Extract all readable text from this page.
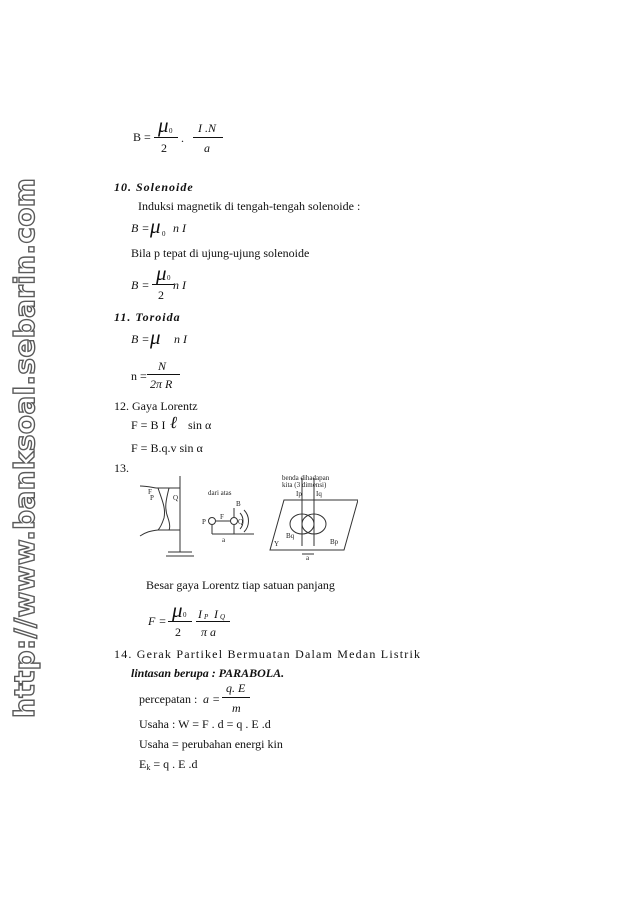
http://www.banksoal.sebarin.com
B = μ 0
2
.
I .N
a
10. Solenoide
Induksi magnetik di tengah-tengah solenoide :
B = μ 0 n I
Bila p tepat di ujung-ujung solenoide
B = μ 0
2
n I
11. Toroida
B = μ n I
n =
N
2π R
12. Gaya Lorentz
F = B I ℓ sin α
F = B.q.v sin α
13.
F
P	Q
dari atas
B
P
F
Q
a
benda dihadapan
kita (3 dimensi)
Ip Iq
Y
Bq
Bp
a
Besar gaya Lorentz tiap satuan panjang
F = μ 0
2
I P I Q
π a
14. Gerak Partikel Bermuatan Dalam Medan Listrik
lintasan berupa : PARABOLA.
percepatan : a =
q. E
m
Usaha : W = F . d = q . E .d
Usaha = perubahan energi kin
Ek = q . E .d
